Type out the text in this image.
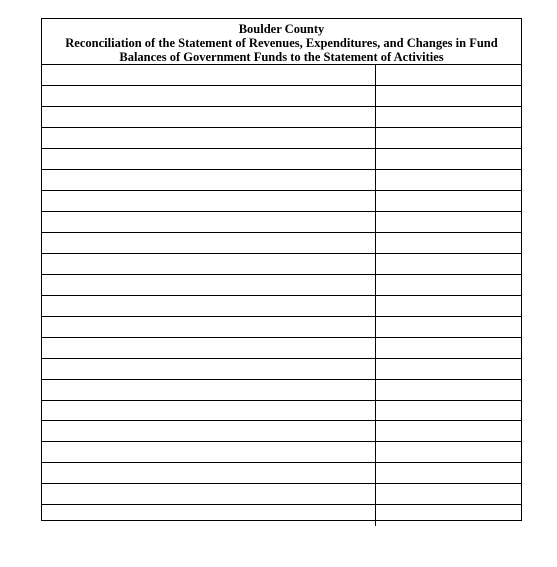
Boulder County
Reconciliation of the Statement of Revenues, Expenditures, and Changes in Fund
Balances of Government Funds to the Statement of Activities
